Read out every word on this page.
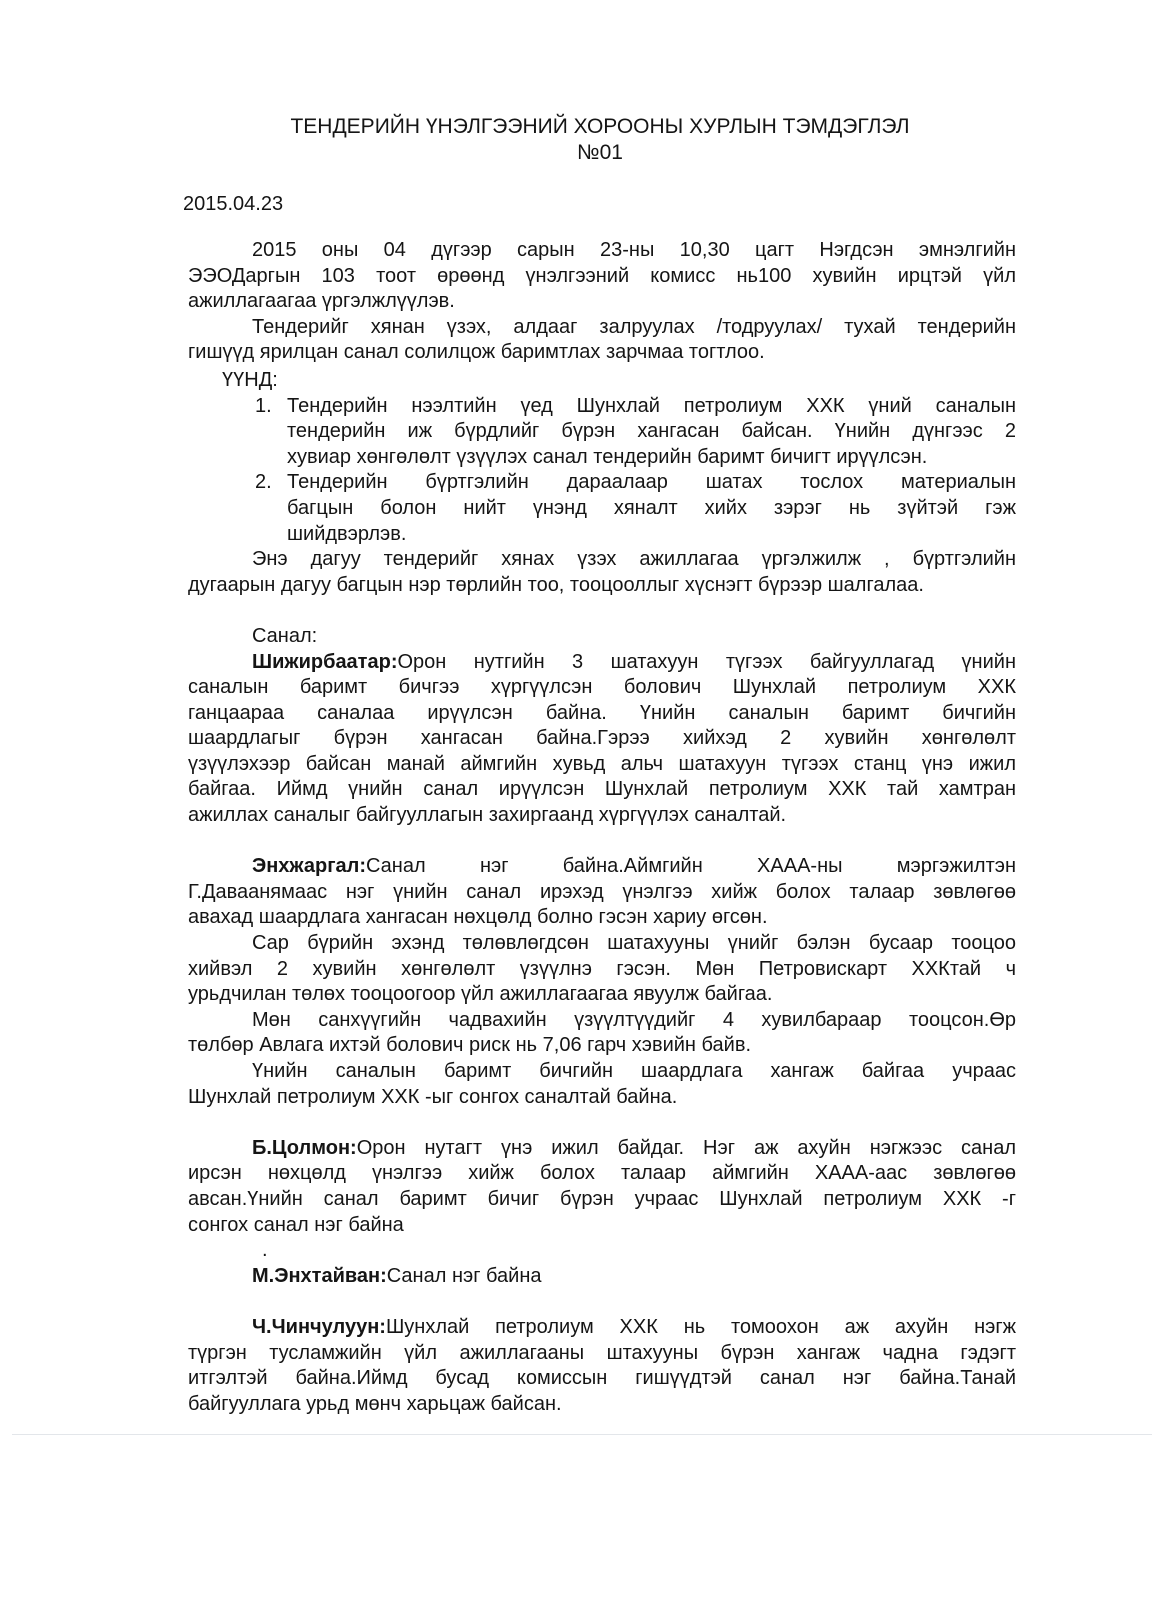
ТЕНДЕРИЙН ҮНЭЛГЭЭНИЙ ХОРООНЫ ХУРЛЫН ТЭМДЭГЛЭЛ
№01
2015.04.23
2015 оны 04 дүгээр сарын 23-ны 10,30 цагт Нэгдсэн эмнэлгийн
ЭЭОДаргын 103 тоот өрөөнд үнэлгээний комисс нь100 хувийн ирцтэй үйл
ажиллагаагаа үргэлжлүүлэв.
Тендерийг хянан үзэх, алдааг залруулах /тодруулах/ тухай тендерийн
гишүүд ярилцан санал солилцож баримтлах зарчмаа тогтлоо.
ҮҮНД:
1. Тендерийн нээлтийн үед Шунхлай петролиум ХХК үний саналын
тендерийн иж бүрдлийг бүрэн хангасан байсан. Үнийн дүнгээс 2
хувиар хөнгөлөлт үзүүлэх санал тендерийн баримт бичигт ирүүлсэн.
2. Тендерийн бүртгэлийн дараалаар шатах тослох материалын
багцын болон нийт үнэнд хяналт хийх зэрэг нь зүйтэй гэж
шийдвэрлэв.
Энэ дагуу тендерийг хянах үзэх ажиллагаа үргэлжилж , бүртгэлийн
дугаарын дагуу багцын нэр төрлийн тоо, тооцооллыг хүснэгт бүрээр шалгалаа.
Санал:
Шижирбаатар:Орон нутгийн 3 шатахуун түгээх байгууллагад үнийн
саналын баримт бичгээ хүргүүлсэн болович Шунхлай петролиум ХХК
ганцаараа саналаа ирүүлсэн байна. Үнийн саналын баримт бичгийн
шаардлагыг бүрэн хангасан байна.Гэрээ хийхэд 2 хувийн хөнгөлөлт
үзүүлэхээр байсан манай аймгийн хувьд альч шатахуун түгээх станц үнэ ижил
байгаа. Иймд үнийн санал ирүүлсэн Шунхлай петролиум ХХК тай хамтран
ажиллах саналыг байгууллагын захиргаанд хүргүүлэх саналтай.
Энхжаргал:Санал нэг байна.Аймгийн ХААА-ны мэргэжилтэн
Г.Даваанямаас нэг үнийн санал ирэхэд үнэлгээ хийж болох талаар зөвлөгөө
авахад шаардлага хангасан нөхцөлд болно гэсэн хариу өгсөн.
Сар бүрийн эхэнд төлөвлөгдсөн шатахууны үнийг бэлэн бусаар тооцоо
хийвэл 2 хувийн хөнгөлөлт үзүүлнэ гэсэн. Мөн Петровискарт ХХКтай ч
урьдчилан төлөх тооцоогоор үйл ажиллагаагаа явуулж байгаа.
Мөн санхүүгийн чадвахийн үзүүлтүүдийг 4 хувилбараар тооцсон.Өр
төлбөр Авлага ихтэй болович риск нь 7,06 гарч хэвийн байв.
Үнийн саналын баримт бичгийн шаардлага хангаж байгаа учраас
Шунхлай петролиум ХХК -ыг сонгох саналтай байна.
Б.Цолмон:Орон нутагт үнэ ижил байдаг. Нэг аж ахуйн нэгжээс санал
ирсэн нөхцөлд үнэлгээ хийж болох талаар аймгийн ХААА-аас зөвлөгөө
авсан.Үнийн санал баримт бичиг бүрэн учраас Шунхлай петролиум ХХК -г
сонгох санал нэг байна
.
М.Энхтайван:Санал нэг байна
Ч.Чинчулуун:Шунхлай петролиум ХХК нь томоохон аж ахуйн нэгж
түргэн тусламжийн үйл ажиллагааны штахууны бүрэн хангаж чадна гэдэгт
итгэлтэй байна.Иймд бусад комиссын гишүүдтэй санал нэг байна.Танай
байгууллага урьд мөнч харьцаж байсан.
